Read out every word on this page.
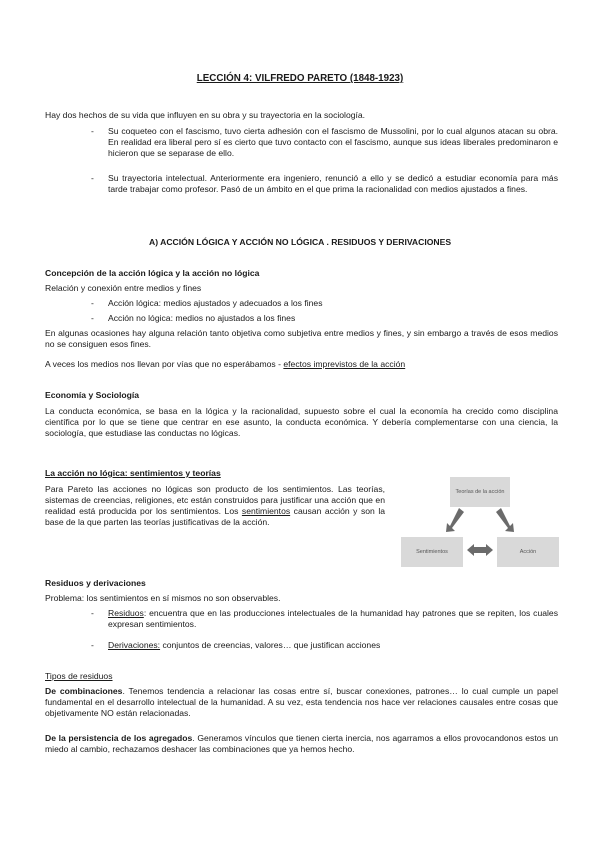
LECCIÓN 4: VILFREDO PARETO (1848-1923)
Hay dos hechos de su vida que influyen en su obra y su trayectoria en la sociología.
- Su coqueteo con el fascismo, tuvo cierta adhesión con el fascismo de Mussolini, por lo cual algunos atacan su obra. En realidad era liberal pero sí es cierto que tuvo contacto con el fascismo, aunque sus ideas liberales predominaron e hicieron que se separase de ello.
- Su trayectoria intelectual. Anteriormente era ingeniero, renunció a ello y se dedicó a estudiar economía para más tarde trabajar como profesor. Pasó de un ámbito en el que prima la racionalidad con medios ajustados a fines.
A) ACCIÓN LÓGICA Y ACCIÓN NO LÓGICA . RESIDUOS Y DERIVACIONES
Concepción de la acción lógica y la acción no lógica
Relación y conexión entre medios y fines
- Acción lógica: medios ajustados y adecuados a los fines
- Acción no lógica: medios no ajustados a los fines
En algunas ocasiones hay alguna relación tanto objetiva como subjetiva entre medios y fines, y sin embargo a través de esos medios no se consiguen esos fines.
A veces los medios nos llevan por vías que no esperábamos - efectos imprevistos de la acción
Economía y Sociología
La conducta económica, se basa en la lógica y la racionalidad, supuesto sobre el cual la economía ha crecido como disciplina científica por lo que se tiene que centrar en ese asunto, la conducta económica. Y debería complementarse con una ciencia, la sociología, que estudiase las conductas no lógicas.
La acción no lógica: sentimientos y teorías
Para Pareto las acciones no lógicas son producto de los sentimientos. Las teorías, sistemas de creencias, religiones, etc están construidos para justificar una acción que en realidad está producida por los sentimientos. Los sentimientos causan acción y son la base de la que parten las teorías justificativas de la acción.
Teorías de la acción
Sentimientos	Acción
Residuos y derivaciones
Problema: los sentimientos en sí mismos no son observables.
- Residuos: encuentra que en las producciones intelectuales de la humanidad hay patrones que se repiten, los cuales expresan sentimientos.
- Derivaciones: conjuntos de creencias, valores… que justifican acciones
Tipos de residuos
De combinaciones. Tenemos tendencia a relacionar las cosas entre sí, buscar conexiones, patrones… lo cual cumple un papel fundamental en el desarrollo intelectual de la humanidad. A su vez, esta tendencia nos hace ver relaciones causales entre cosas que objetivamente NO están relacionadas.
De la persistencia de los agregados. Generamos vínculos que tienen cierta inercia, nos agarramos a ellos provocandonos estos un miedo al cambio, rechazamos deshacer las combinaciones que ya hemos hecho.
